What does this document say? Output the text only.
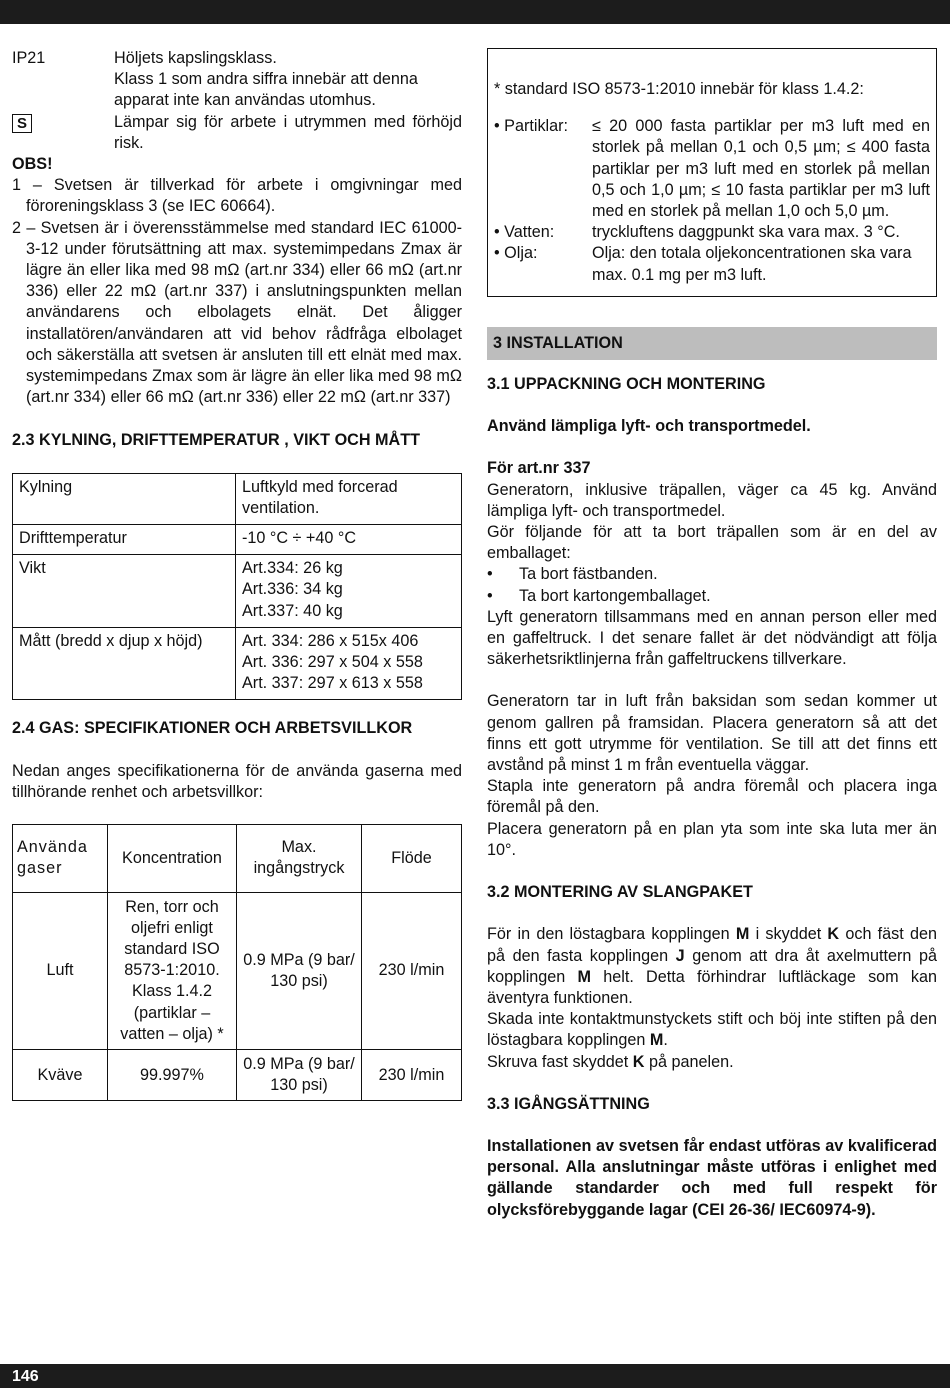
IP21	Höljets kapslingsklass.
Klass 1 som andra siffra innebär att denna apparat inte kan användas utomhus.
S	Lämpar sig för arbete i utrymmen med förhöjd risk.
OBS!
1 – Svetsen är tillverkad för arbete i omgivningar med föroreningsklass 3 (se IEC 60664).
2 – Svetsen är i överensstämmelse med standard IEC 61000-3-12 under förutsättning att max. systemimpedans Zmax är lägre än eller lika med 98 mΩ (art.nr 334) eller 66 mΩ (art.nr 336) eller 22 mΩ (art.nr 337) i anslutningspunkten mellan användarens och elbolagets elnät. Det åligger installatören/användaren att vid behov rådfråga elbolaget och säkerställa att svetsen är ansluten till ett elnät med max. systemimpedans Zmax som är lägre än eller lika med 98 mΩ (art.nr 334) eller 66 mΩ (art.nr 336) eller 22 mΩ (art.nr 337)
2.3 KYLNING, DRIFTTEMPERATUR , VIKT OCH MÅTT
Kylning	Luftkyld med forcerad ventilation.

Drifttemperatur	-10 °C ÷ +40 °C

Vikt	Art.334: 26 kg
Art.336: 34 kg
Art.337: 40 kg

Mått (bredd x djup x höjd)	Art. 334: 286 x 515x 406
Art. 336: 297 x 504 x 558
Art. 337: 297 x 613 x 558
2.4 GAS: SPECIFIKATIONER OCH ARBETSVILLKOR
Nedan anges specifikationerna för de använda gaserna med tillhörande renhet och arbetsvillkor:
Använda gaser	Koncentration	Max. ingångstryck	Flöde
Luft	Ren, torr och oljefri enligt standard ISO 8573-1:2010. Klass 1.4.2 (partiklar – vatten – olja) *	0.9 MPa (9 bar/ 130 psi)	230 l/min
Kväve	99.997%	0.9 MPa (9 bar/ 130 psi)	230 l/min
* standard ISO 8573-1:2010 innebär för klass 1.4.2:
• Partiklar:	≤ 20 000 fasta partiklar per m3 luft med en storlek på mellan 0,1 och 0,5 µm; ≤ 400 fasta partiklar per m3 luft med en storlek på mellan 0,5 och 1,0 µm; ≤ 10 fasta partiklar per m3 luft med en storlek på mellan 1,0 och 5,0 µm.
• Vatten:	tryckluftens daggpunkt ska vara max. 3 °C.
• Olja:	Olja: den totala oljekoncentrationen ska vara max. 0.1 mg per m3 luft.
3 INSTALLATION
3.1 UPPACKNING OCH MONTERING
Använd lämpliga lyft- och transportmedel.
För art.nr 337
Generatorn, inklusive träpallen, väger ca 45 kg. Använd lämpliga lyft- och transportmedel.
Gör följande för att ta bort träpallen som är en del av emballaget:
•	Ta bort fästbanden.
•	Ta bort kartongemballaget.
Lyft generatorn tillsammans med en annan person eller med en gaffeltruck. I det senare fallet är det nödvändigt att följa säkerhetsriktlinjerna från gaffeltruckens tillverkare.
Generatorn tar in luft från baksidan som sedan kommer ut genom gallren på framsidan. Placera generatorn så att det finns ett gott utrymme för ventilation. Se till att det finns ett avstånd på minst 1 m från eventuella väggar.
Stapla inte generatorn på andra föremål och placera inga föremål på den.
Placera generatorn på en plan yta som inte ska luta mer än 10°.
3.2 MONTERING AV SLANGPAKET
För in den löstagbara kopplingen M i skyddet K och fäst den på den fasta kopplingen J genom att dra åt axelmuttern på kopplingen M helt. Detta förhindrar luftläckage som kan äventyra funktionen.
Skada inte kontaktmunstyckets stift och böj inte stiften på den löstagbara kopplingen M.
Skruva fast skyddet K på panelen.
3.3 IGÅNGSÄTTNING
Installationen av svetsen får endast utföras av kvalificerad personal. Alla anslutningar måste utföras i enlighet med gällande standarder och med full respekt för olycksförebyggande lagar (CEI 26-36/ IEC60974-9).
146
